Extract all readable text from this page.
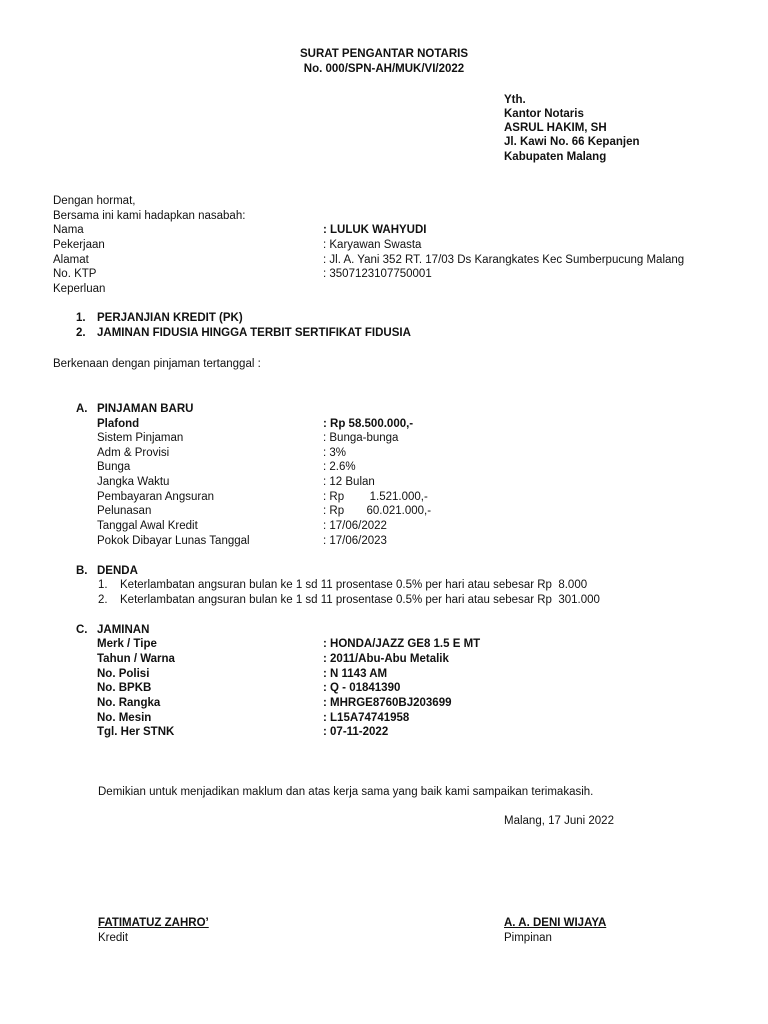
SURAT PENGANTAR NOTARIS
No. 000/SPN-AH/MUK/VI/2022
Yth.
Kantor Notaris
ASRUL HAKIM, SH
Jl. Kawi No. 66 Kepanjen
Kabupaten Malang
Dengan hormat,
Bersama ini kami hadapkan nasabah:
Nama	: LULUK WAHYUDI
Pekerjaan	: Karyawan Swasta
Alamat	: Jl. A. Yani 352 RT. 17/03 Ds Karangkates Kec Sumberpucung Malang
No. KTP	: 3507123107750001
Keperluan
1. PERJANJIAN KREDIT (PK)
2. JAMINAN FIDUSIA HINGGA TERBIT SERTIFIKAT FIDUSIA
Berkenaan dengan pinjaman tertanggal :
A. PINJAMAN BARU
Plafond	: Rp 58.500.000,-
Sistem Pinjaman	: Bunga-bunga
Adm & Provisi	: 3%
Bunga	: 2.6%
Jangka Waktu	: 12 Bulan
Pembayaran Angsuran	: Rp        1.521.000,-
Pelunasan	: Rp       60.021.000,-
Tanggal Awal Kredit	: 17/06/2022
Pokok Dibayar Lunas Tanggal	: 17/06/2023
B. DENDA
1. Keterlambatan angsuran bulan ke 1 sd 11 prosentase 0.5% per hari atau sebesar Rp  8.000
2. Keterlambatan angsuran bulan ke 1 sd 11 prosentase 0.5% per hari atau sebesar Rp  301.000
C. JAMINAN
Merk / Tipe	: HONDA/JAZZ GE8 1.5 E MT
Tahun / Warna	: 2011/Abu-Abu Metalik
No. Polisi	: N 1143 AM
No. BPKB	: Q - 01841390
No. Rangka	: MHRGE8760BJ203699
No. Mesin	: L15A74741958
Tgl. Her STNK	: 07-11-2022
Demikian untuk menjadikan maklum dan atas kerja sama yang baik kami sampaikan terimakasih.
Malang, 17 Juni 2022
FATIMATUZ ZAHRO’
Kredit
A. A. DENI WIJAYA
Pimpinan
